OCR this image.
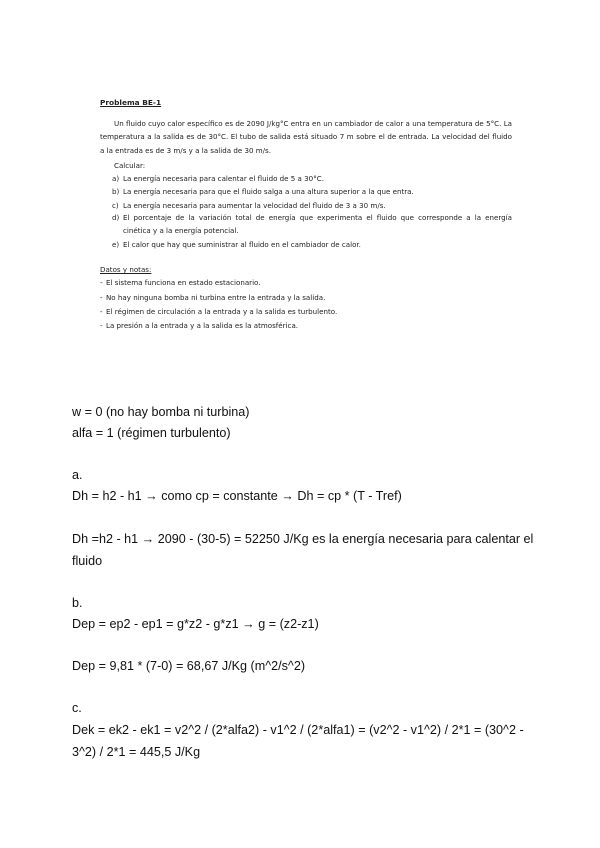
Problema BE-1

Un fluido cuyo calor específico es de 2090 J/kg°C entra en un cambiador de calor a una temperatura de 5°C. La temperatura a la salida es de 30°C. El tubo de salida está situado 7 m sobre el de entrada. La velocidad del fluido a la entrada es de 3 m/s y a la salida de 30 m/s.

Calcular:
a) La energía necesaria para calentar el fluido de 5 a 30°C.
b) La energía necesaria para que el fluido salga a una altura superior a la que entra.
c) La energía necesaria para aumentar la velocidad del fluido de 3 a 30 m/s.
d) El porcentaje de la variación total de energía que experimenta el fluido que corresponde a la energía cinética y a la energía potencial.
e) El calor que hay que suministrar al fluido en el cambiador de calor.
Datos y notas:
- El sistema funciona en estado estacionario.
- No hay ninguna bomba ni turbina entre la entrada y la salida.
- El régimen de circulación a la entrada y a la salida es turbulento.
- La presión a la entrada y a la salida es la atmosférica.

w = 0 (no hay bomba ni turbina)

alfa = 1 (régimen turbulento)

a.

Dh = h2 - h1 → como cp = constante → Dh = cp * (T - Tref)

Dh =h2 - h1 → 2090 - (30-5) = 52250 J/Kg es la energía necesaria para calentar el fluido

b.

Dep = ep2 - ep1 = g*z2 - g*z1 → g = (z2-z1)

Dep = 9,81 * (7-0) = 68,67 J/Kg (m^2/s^2)

c.

Dek = ek2 - ek1 = v2^2 / (2*alfa2) - v1^2 / (2*alfa1) = (v2^2 - v1^2) / 2*1 = (30^2 - 3^2) / 2*1 = 445,5 J/Kg
